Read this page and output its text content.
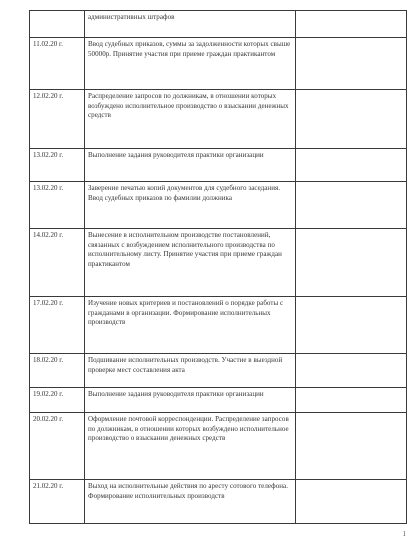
	административных штрафов	

11.02.20 г.	Ввод судебных приказов, суммы за задолженности которых свыше 50000р. Принятие участия при приеме граждан практикантом	

12.02.20 г.	Распределение запросов по должникам, в отношении которых возбуждено исполнительное производство о взыскании денежных средств	

13.02.20 г.	Выполнение задания руководителя практики организации	

13.02.20 г.	Заверение печатью копий документов для судебного заседания. Ввод судебных приказов по фамилии должника	

14.02.20 г.	Вынесение в исполнительном производстве постановлений, связанных с возбуждением исполнительного производства по исполнительному листу. Принятие участия при приеме граждан практикантом	

17.02.20 г.	Изучение новых критериев и постановлений о порядке работы с гражданами в организации. Формирование исполнительных производств	

18.02.20 г.	Подшивание исполнительных производств. Участие в выездной проверке мест составления акта	

19.02.20 г.	Выполнение задания руководителя практики организации	

20.02.20 г.	Оформление почтовой корреспонденции. Распределение запросов по должникам, в отношении которых возбуждено исполнительное производство о взыскании денежных средств	

21.02.20 г.	Выход на исполнительные действия по аресту сотового телефона. Формирование исполнительных производств	

1
